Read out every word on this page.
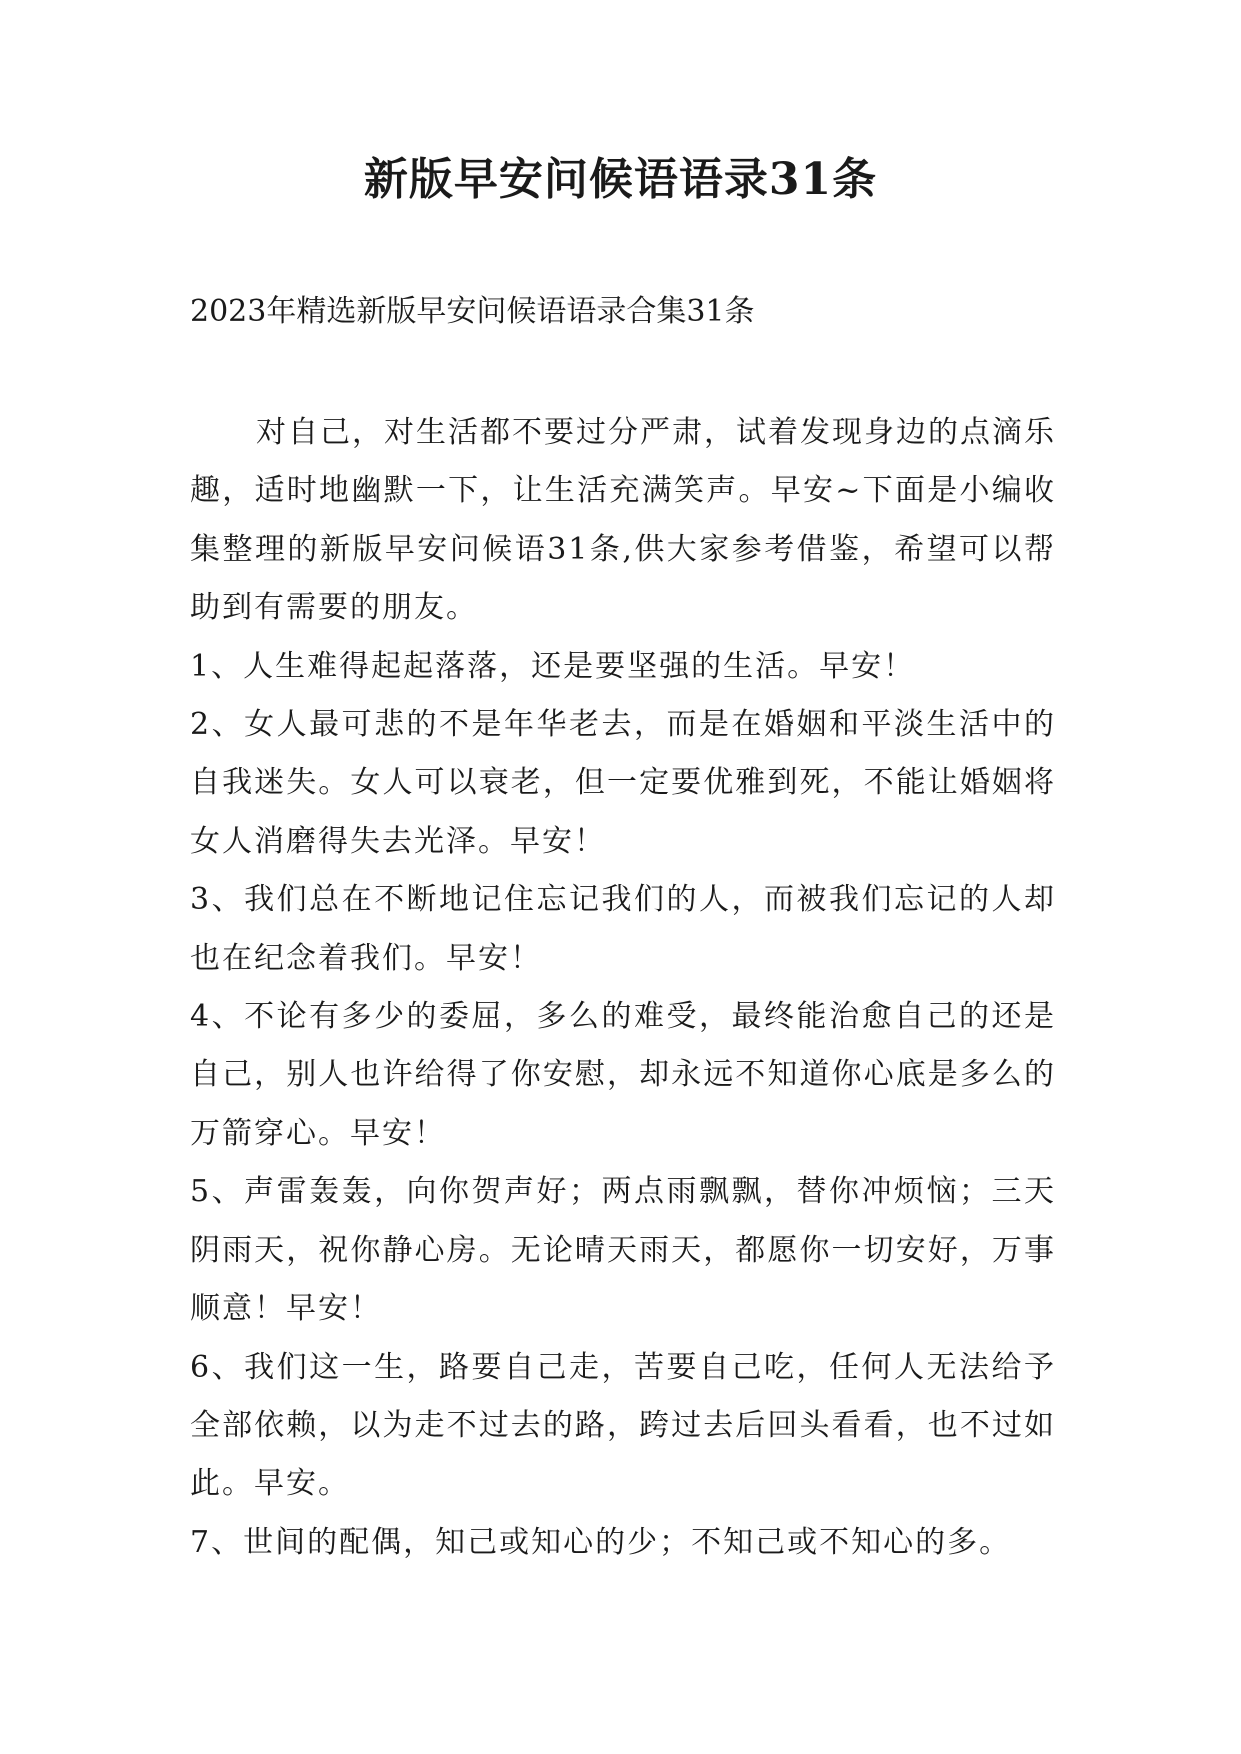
新版早安问候语语录31条
2023年精选新版早安问候语语录合集31条

对自己，对生活都不要过分严肃，试着发现身边的点滴乐趣，适时地幽默一下，让生活充满笑声。早安~下面是小编收集整理的新版早安问候语31条,供大家参考借鉴，希望可以帮助到有需要的朋友。

1、人生难得起起落落，还是要坚强的生活。早安！

2、女人最可悲的不是年华老去，而是在婚姻和平淡生活中的自我迷失。女人可以衰老，但一定要优雅到死，不能让婚姻将女人消磨得失去光泽。早安！

3、我们总在不断地记住忘记我们的人，而被我们忘记的人却也在纪念着我们。早安！

4、不论有多少的委屈，多么的难受，最终能治愈自己的还是自己，别人也许给得了你安慰，却永远不知道你心底是多么的万箭穿心。早安！

5、声雷轰轰，向你贺声好；两点雨飘飘，替你冲烦恼；三天阴雨天，祝你静心房。无论晴天雨天，都愿你一切安好，万事顺意！早安！

6、我们这一生，路要自己走，苦要自己吃，任何人无法给予全部依赖，以为走不过去的路，跨过去后回头看看，也不过如此。早安。

7、世间的配偶，知己或知心的少；不知己或不知心的多。
